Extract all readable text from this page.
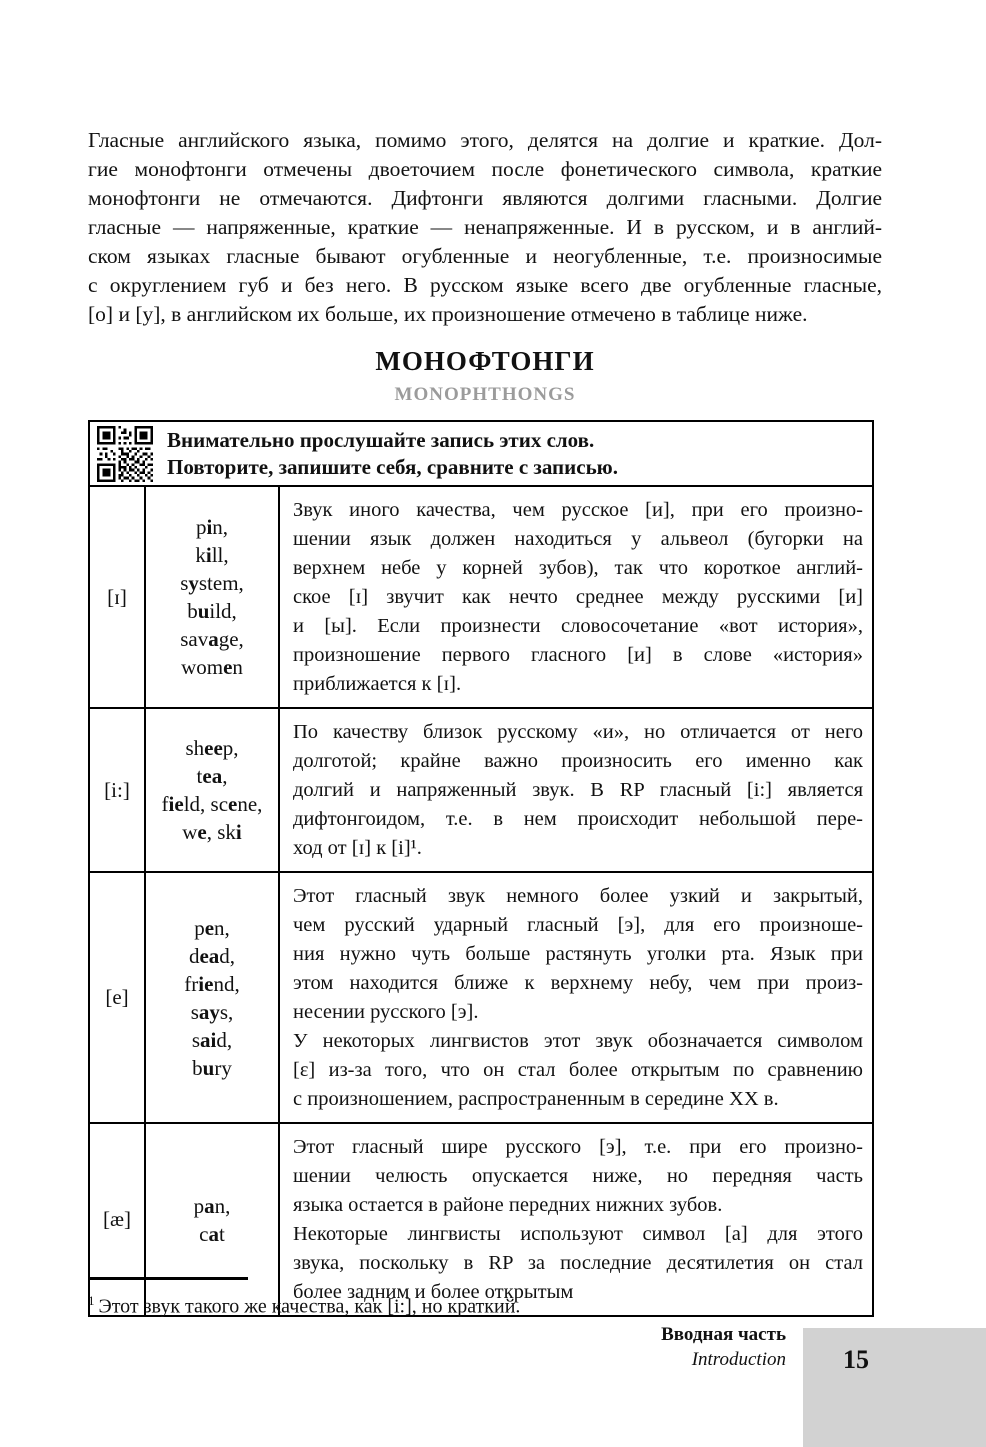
Гласные английского языка, помимо этого, делятся на долгие и краткие. Дол-
гие монофтонги отмечены двоеточием после фонетического символа, краткие
монофтонги не отмечаются. Дифтонги являются долгими гласными. Долгие
гласные — напряженные, краткие — ненапряженные. И в русском, и в англий-
ском языках гласные бывают огубленные и неогубленные, т.е. произносимые
с округлением губ и без него. В русском языке всего две огубленные гласные,
[о] и [у], в английском их больше, их произношение отмечено в таблице ниже.
МОНОФТОНГИ
MONOPHTHONGS
Внимательно прослушайте запись этих слов.
Повторите, запишите себя, сравните с записью.
[ɪ]
pin,
kill,
system,
build,
savage,
women
Звук иного качества, чем русское [и], при его произно-
шении язык должен находиться у альвеол (бугорки на
верхнем небе у корней зубов), так что короткое англий-
ское [ɪ] звучит как нечто среднее между русскими [и]
и [ы]. Если произнести словосочетание «вот история»,
произношение первого гласного [и] в слове «история»
приближается к [ɪ].
[i:]
sheep,
tea,
field, scene,
we, ski
По качеству близок русскому «и», но отличается от него
долготой; крайне важно произносить его именно как
долгий и напряженный звук. В RP гласный [i:] является
дифтонгоидом, т.е. в нем происходит небольшой пере-
ход от [ɪ] к [i]¹.
[e]
pen,
dead,
friend,
says,
said,
bury
Этот гласный звук немного более узкий и закрытый,
чем русский ударный гласный [э], для его произноше-
ния нужно чуть больше растянуть уголки рта. Язык при
этом находится ближе к верхнему небу, чем при произ-
несении русского [э].
У некоторых лингвистов этот звук обозначается символом
[ε] из-за того, что он стал более открытым по сравнению
с произношением, распространенным в середине XX в.
[æ]
pan,
cat
Этот гласный шире русского [э], т.е. при его произно-
шении челюсть опускается ниже, но передняя часть
языка остается в районе передних нижних зубов.
Некоторые лингвисты используют символ [a] для этого
звука, поскольку в RP за последние десятилетия он стал
более задним и более открытым
$^1$ Этот звук такого же качества, как [i:], но краткий.
Вводная часть
Introduction 15
